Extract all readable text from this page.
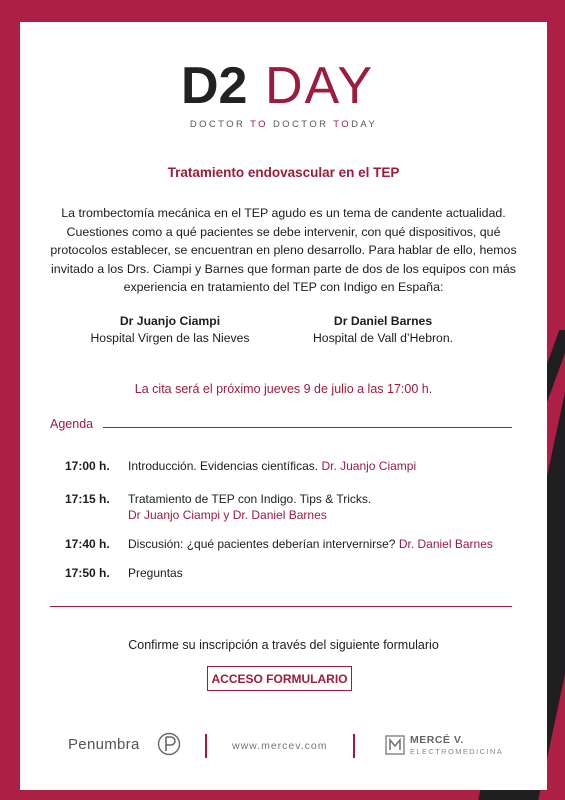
D2 DAY
DOCTOR TO DOCTOR TODAY
Tratamiento endovascular en el TEP
La trombectomía mecánica en el TEP agudo es un tema de candente actualidad. Cuestiones como a qué pacientes se debe intervenir, con qué dispositivos, qué protocolos establecer, se encuentran en pleno desarrollo. Para hablar de ello, hemos invitado a los Drs. Ciampi y Barnes que forman parte de dos de los equipos con más experiencia en tratamiento del TEP con Indigo en España:
Dr Juanjo Ciampi
Hospital Virgen de las Nieves
Dr Daniel Barnes
Hospital de Vall d’Hebron.
La cita será el próximo jueves 9 de julio a las 17:00 h.
Agenda
17:00 h.	Introducción. Evidencias científicas. Dr. Juanjo Ciampi
17:15 h.	Tratamiento de TEP con Indigo. Tips & Tricks.
Dr Juanjo Ciampi y Dr. Daniel Barnes
17:40 h.	Discusión: ¿qué pacientes deberían intervernirse? Dr. Daniel Barnes
17:50 h.	Preguntas
Confirme su inscripción a través del siguiente formulario
ACCESO FORMULARIO
Penumbra	www.mercev.com	MERCÉ V.
ELECTROMEDICINA
